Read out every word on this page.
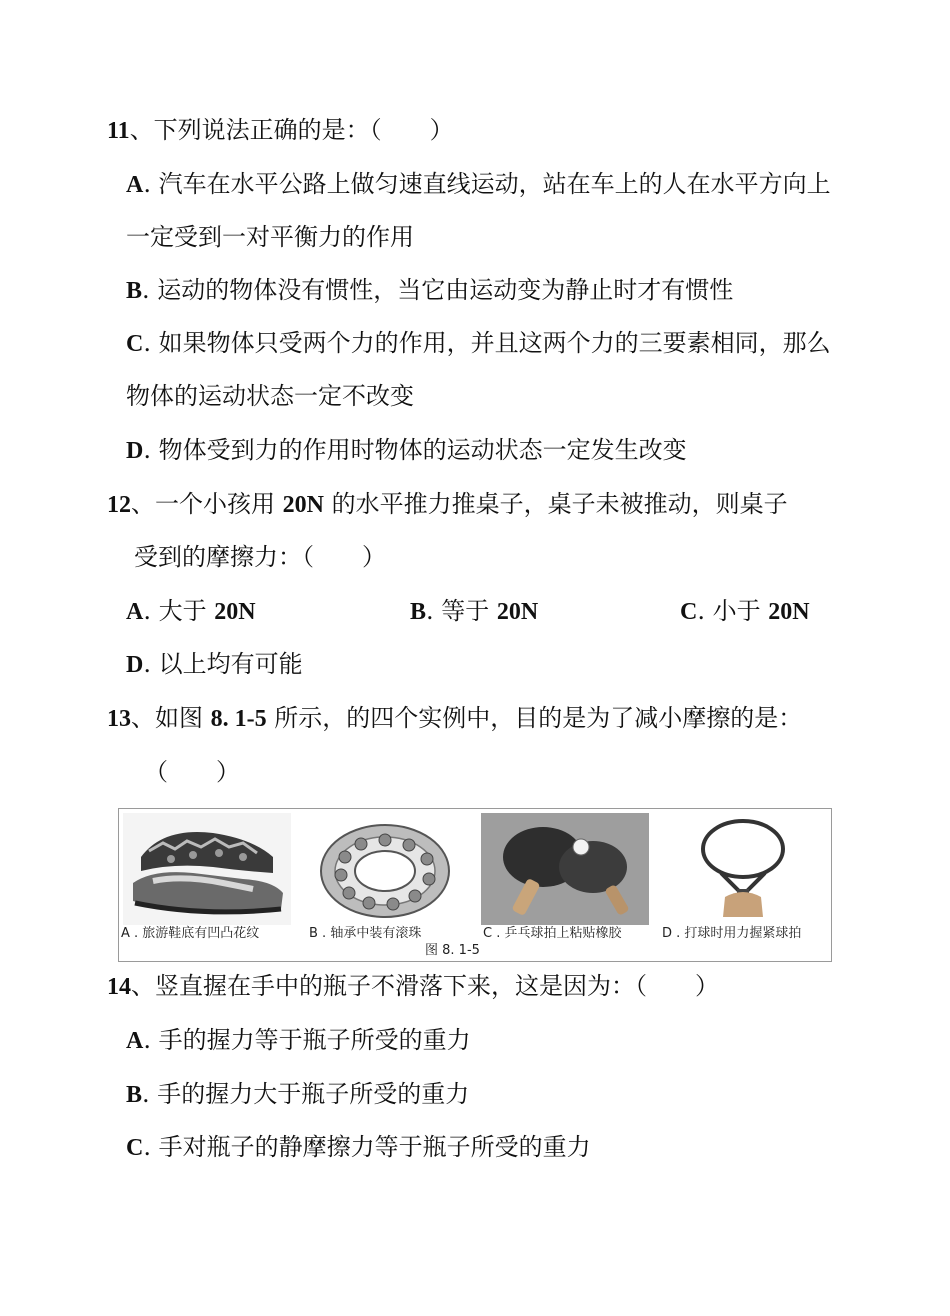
11、下列说法正确的是：（　　）
A. 汽车在水平公路上做匀速直线运动，站在车上的人在水平方向上
一定受到一对平衡力的作用
B. 运动的物体没有惯性，当它由运动变为静止时才有惯性
C. 如果物体只受两个力的作用，并且这两个力的三要素相同，那么
物体的运动状态一定不改变
D. 物体受到力的作用时物体的运动状态一定发生改变
12、一个小孩用 20N 的水平推力推桌子，桌子未被推动，则桌子
受到的摩擦力：（　　）
A. 大于 20N	B. 等于 20N	C. 小于 20N
D. 以上均有可能
13、如图 8. 1-5 所示，的四个实例中，目的是为了减小摩擦的是：
（　　）
A . 旅游鞋底有凹凸花纹	B . 轴承中装有滚珠	C . 乒乓球拍上粘贴橡胶	D . 打球时用力握紧球拍
图 8. 1-5
14、竖直握在手中的瓶子不滑落下来，这是因为：（　　）
A. 手的握力等于瓶子所受的重力
B. 手的握力大于瓶子所受的重力
C. 手对瓶子的静摩擦力等于瓶子所受的重力
